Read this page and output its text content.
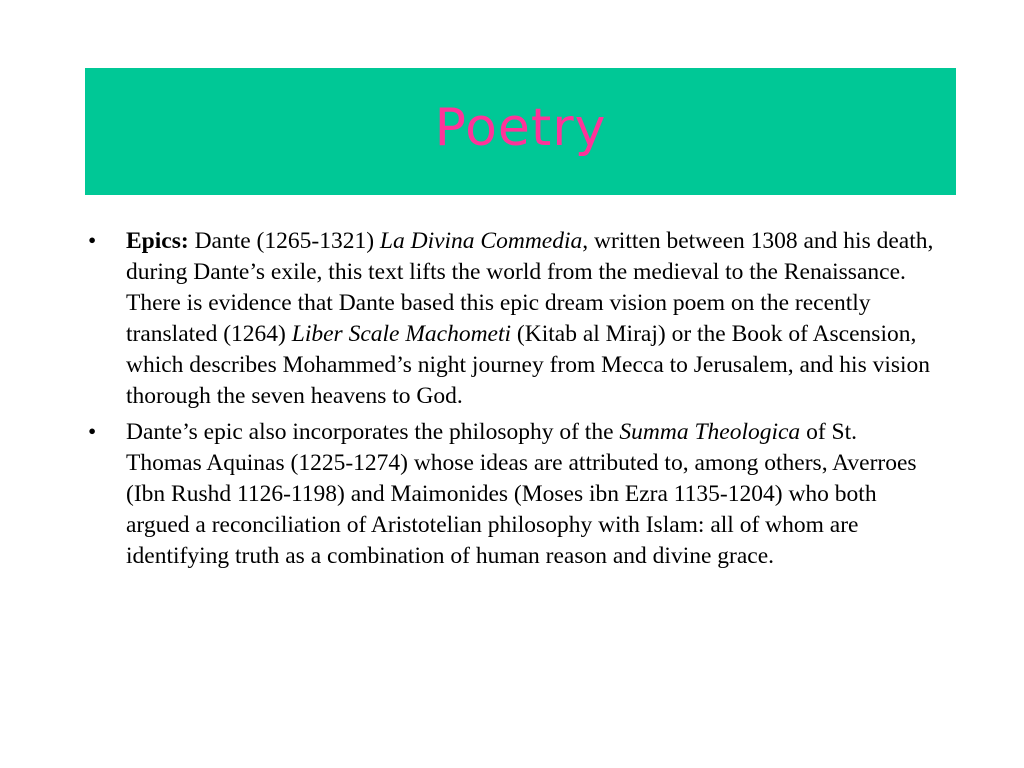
Poetry
• Epics: Dante (1265-1321) La Divina Commedia, written between 1308 and his death, during Dante’s exile, this text lifts the world from the medieval to the Renaissance. There is evidence that Dante based this epic dream vision poem on the recently translated (1264) Liber Scale Machometi (Kitab al Miraj) or the Book of Ascension, which describes Mohammed’s night journey from Mecca to Jerusalem, and his vision thorough the seven heavens to God.
• Dante’s epic also incorporates the philosophy of the Summa Theologica of St. Thomas Aquinas (1225-1274) whose ideas are attributed to, among others, Averroes (Ibn Rushd 1126-1198) and Maimonides (Moses ibn Ezra 1135-1204) who both argued a reconciliation of Aristotelian philosophy with Islam: all of whom are identifying truth as a combination of human reason and divine grace.
